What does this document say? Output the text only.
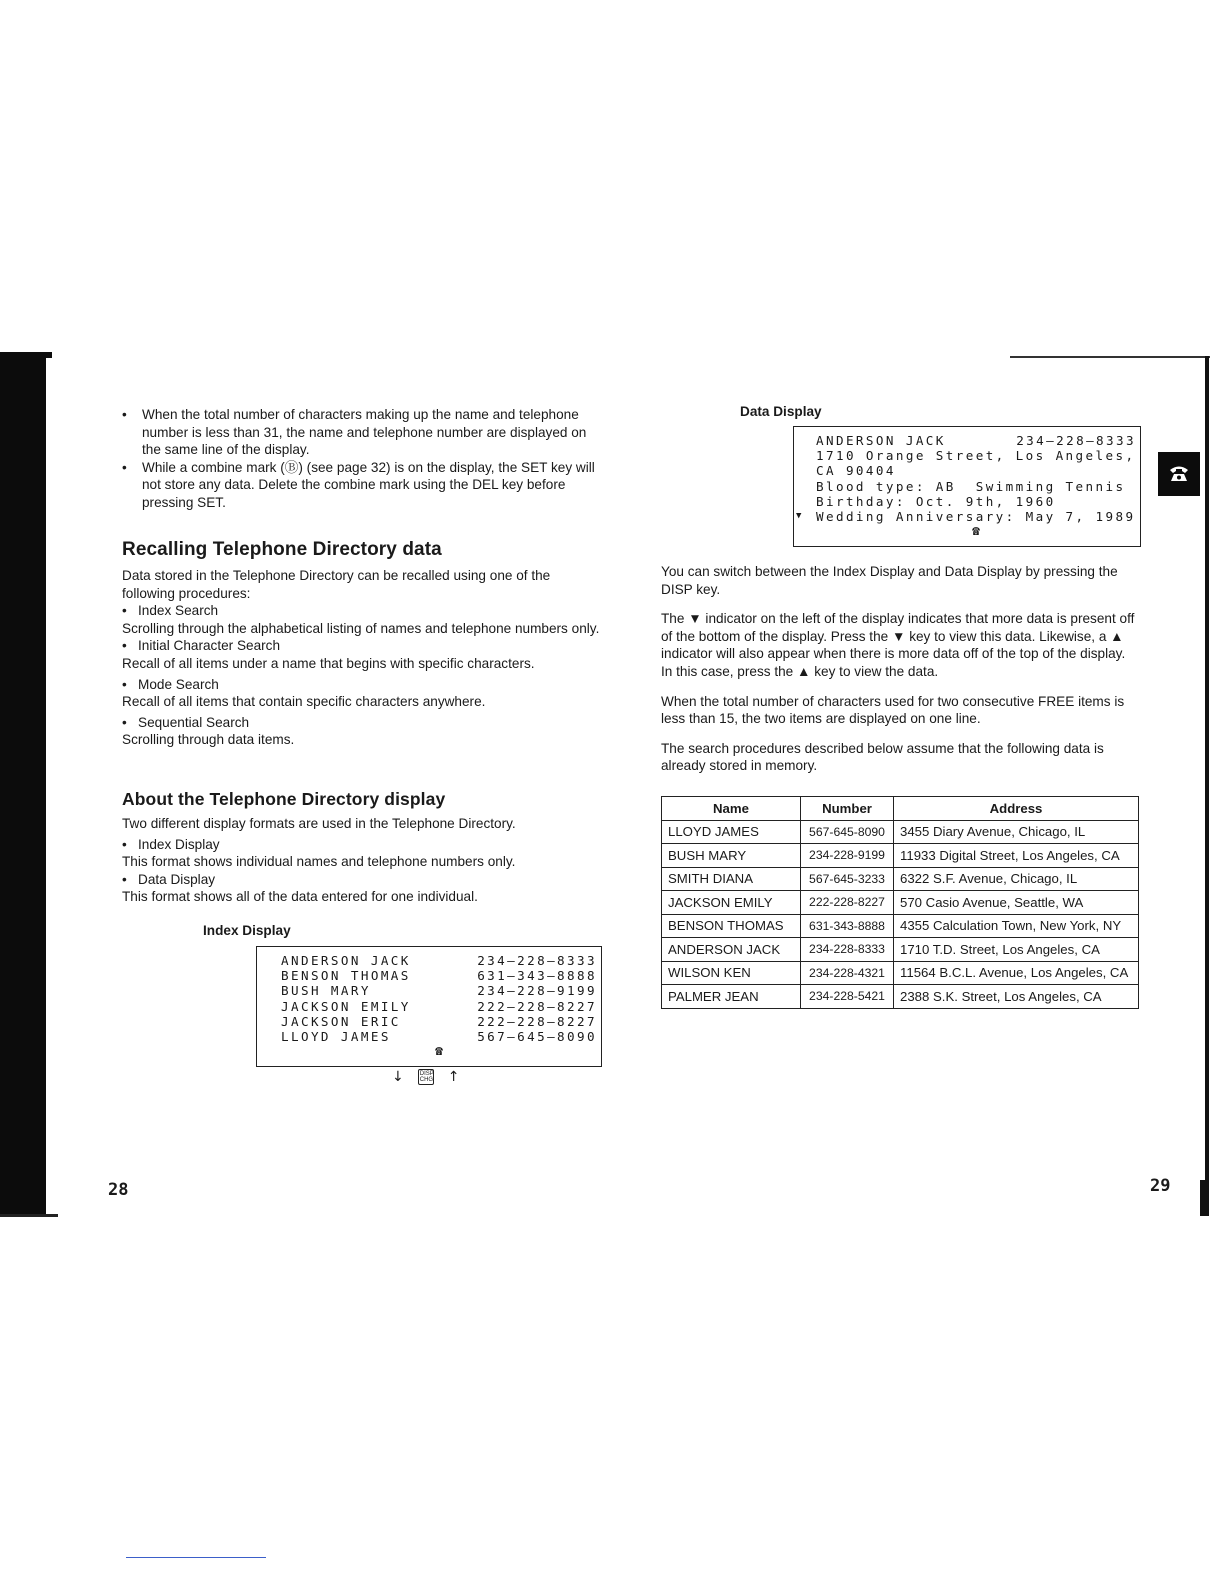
• When the total number of characters making up the name and telephone number is less than 31, the name and telephone number are displayed on the same line of the display.
• While a combine mark (Ⓑ) (see page 32) is on the display, the SET key will not store any data. Delete the combine mark using the DEL key before pressing SET.
Recalling Telephone Directory data
Data stored in the Telephone Directory can be recalled using one of the following procedures:
• Index Search
Scrolling through the alphabetical listing of names and telephone numbers only.
• Initial Character Search
Recall of all items under a name that begins with specific characters.
• Mode Search
Recall of all items that contain specific characters anywhere.
• Sequential Search
Scrolling through data items.
About the Telephone Directory display
Two different display formats are used in the Telephone Directory.
• Index Display
This format shows individual names and telephone numbers only.
• Data Display
This format shows all of the data entered for one individual.
Index Display
ANDERSON JACK	234—228—8333
BENSON THOMAS	631—343—8888
BUSH MARY	234—228—9199
JACKSON EMILY	222—228—8227
JACKSON ERIC	222—228—8227
LLOYD JAMES	567—645—8090
☎
↓	DISP CHG ↑
28
Data Display
ANDERSON JACK	234—228—8333
1710 Orange Street, Los Angeles,
CA 90404
Blood type: AB  Swimming Tennis
Birthday: Oct. 9th, 1960
▼ Wedding Anniversary: May 7, 1989
☎

You can switch between the Index Display and Data Display by pressing the DISP key.

The ▼ indicator on the left of the display indicates that more data is present off of the bottom of the display. Press the ▼ key to view this data. Likewise, a ▲ indicator will also appear when there is more data off of the top of the display. In this case, press the ▲ key to view the data.

When the total number of characters used for two consecutive FREE items is less than 15, the two items are displayed on one line.

The search procedures described below assume that the following data is already stored in memory.

Name	Number	Address
LLOYD JAMES	567-645-8090	3455 Diary Avenue, Chicago, IL
BUSH MARY	234-228-9199	11933 Digital Street, Los Angeles, CA
SMITH DIANA	567-645-3233	6322 S.F. Avenue, Chicago, IL
JACKSON EMILY	222-228-8227	570 Casio Avenue, Seattle, WA
BENSON THOMAS	631-343-8888	4355 Calculation Town, New York, NY
ANDERSON JACK	234-228-8333	1710 T.D. Street, Los Angeles, CA
WILSON KEN	234-228-4321	11564 B.C.L. Avenue, Los Angeles, CA
PALMER JEAN	234-228-5421	2388 S.K. Street, Los Angeles, CA
29
